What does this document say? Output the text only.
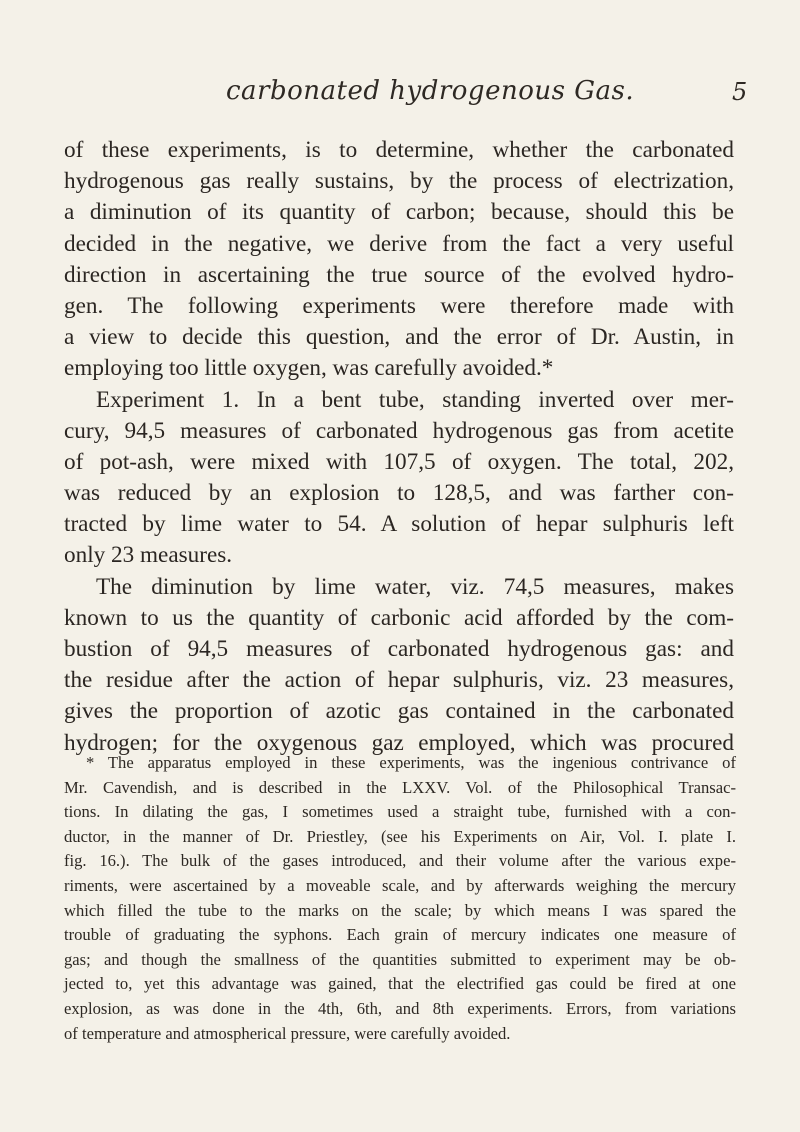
carbonated hydrogenous Gas.	5
of these experiments, is to determine, whether the carbonated
hydrogenous gas really sustains, by the process of electrization,
a diminution of its quantity of carbon; because, should this be
decided in the negative, we derive from the fact a very useful
direction in ascertaining the true source of the evolved hydro-
gen. The following experiments were therefore made with
a view to decide this question, and the error of Dr. Austin, in
employing too little oxygen, was carefully avoided.*
Experiment 1. In a bent tube, standing inverted over mer-
cury, 94,5 measures of carbonated hydrogenous gas from acetite
of pot-ash, were mixed with 107,5 of oxygen. The total, 202,
was reduced by an explosion to 128,5, and was farther con-
tracted by lime water to 54. A solution of hepar sulphuris left
only 23 measures.
The diminution by lime water, viz. 74,5 measures, makes
known to us the quantity of carbonic acid afforded by the com-
bustion of 94,5 measures of carbonated hydrogenous gas: and
the residue after the action of hepar sulphuris, viz. 23 measures,
gives the proportion of azotic gas contained in the carbonated
hydrogen; for the oxygenous gaz employed, which was procured
* The apparatus employed in these experiments, was the ingenious contrivance of
Mr. Cavendish, and is described in the LXXV. Vol. of the Philosophical Transac-
tions. In dilating the gas, I sometimes used a straight tube, furnished with a con-
ductor, in the manner of Dr. Priestley, (see his Experiments on Air, Vol. I. plate I.
fig. 16.). The bulk of the gases introduced, and their volume after the various expe-
riments, were ascertained by a moveable scale, and by afterwards weighing the mercury
which filled the tube to the marks on the scale; by which means I was spared the
trouble of graduating the syphons. Each grain of mercury indicates one measure of
gas; and though the smallness of the quantities submitted to experiment may be ob-
jected to, yet this advantage was gained, that the electrified gas could be fired at one
explosion, as was done in the 4th, 6th, and 8th experiments. Errors, from variations
of temperature and atmospherical pressure, were carefully avoided.
